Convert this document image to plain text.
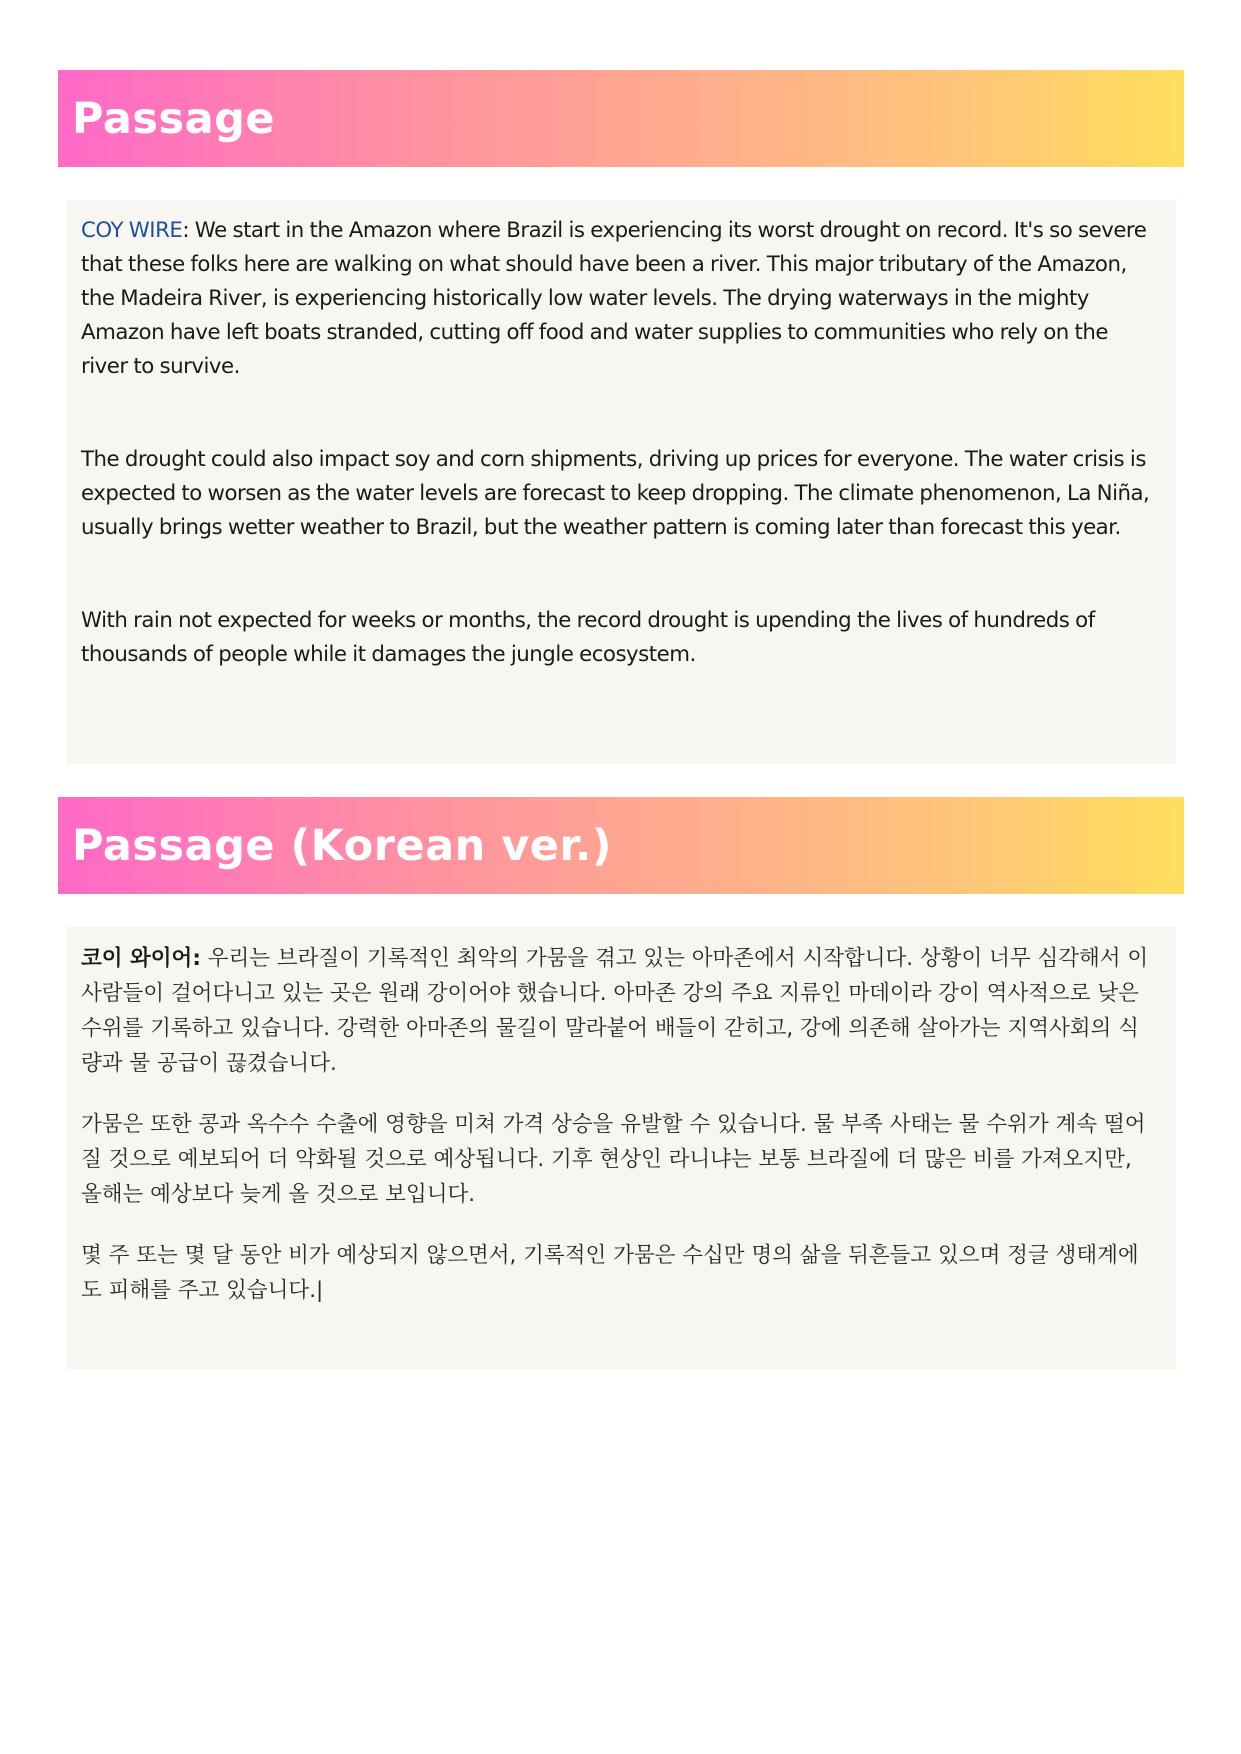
Passage

COY WIRE: We start in the Amazon where Brazil is experiencing its worst drought on record. It's so severe that these folks here are walking on what should have been a river. This major tributary of the Amazon, the Madeira River, is experiencing historically low water levels. The drying waterways in the mighty Amazon have left boats stranded, cutting off food and water supplies to communities who rely on the river to survive.

The drought could also impact soy and corn shipments, driving up prices for everyone. The water crisis is expected to worsen as the water levels are forecast to keep dropping. The climate phenomenon, La Niña, usually brings wetter weather to Brazil, but the weather pattern is coming later than forecast this year.

With rain not expected for weeks or months, the record drought is upending the lives of hundreds of thousands of people while it damages the jungle ecosystem.

Passage (Korean ver.)

코이 와이어: 우리는 브라질이 기록적인 최악의 가뭄을 겪고 있는 아마존에서 시작합니다. 상황이 너무 심각해서 이 사람들이 걸어다니고 있는 곳은 원래 강이어야 했습니다. 아마존 강의 주요 지류인 마데이라 강이 역사적으로 낮은 수위를 기록하고 있습니다. 강력한 아마존의 물길이 말라붙어 배들이 갇히고, 강에 의존해 살아가는 지역사회의 식량과 물 공급이 끊겼습니다.

가뭄은 또한 콩과 옥수수 수출에 영향을 미쳐 가격 상승을 유발할 수 있습니다. 물 부족 사태는 물 수위가 계속 떨어질 것으로 예보되어 더 악화될 것으로 예상됩니다. 기후 현상인 라니냐는 보통 브라질에 더 많은 비를 가져오지만, 올해는 예상보다 늦게 올 것으로 보입니다.

몇 주 또는 몇 달 동안 비가 예상되지 않으면서, 기록적인 가뭄은 수십만 명의 삶을 뒤흔들고 있으며 정글 생태계에도 피해를 주고 있습니다.|
